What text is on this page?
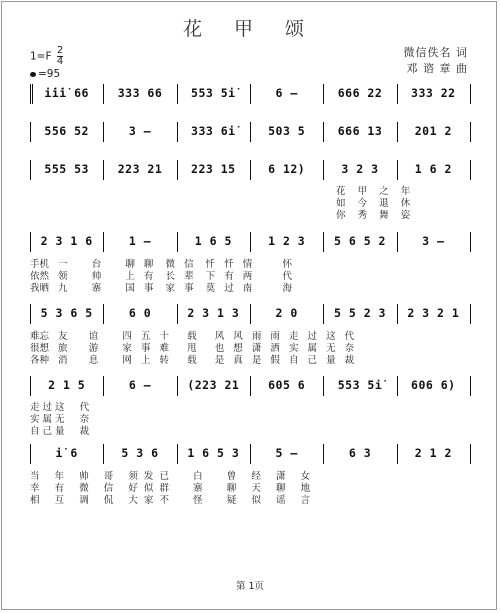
花 甲 颂
$1=F \frac{2}{4}$
=95
微信佚名 词
邓 谘 章 曲
i̇i̇i̇ 66	333 66	553 5i̇	6 –	666 22	333 22
556 52	3 –	333 6i̇	503 5	666 13	201 2
555 53	223 21	223 15	6 12)	3 2 3	1 6 2
2 3 1 6	1 –	1 6 5	1 2 3	5 6 5 2	3 –
5 3 6 5	6 0	2 3 1 3	2 0	5 5 2 3	2 3 2 1
2 1 5	6 –	(223 21	605 6	553 5i̇	606 6)
i̇ 6	5 3 6	1 6 5 3	5 –	6 3	2 1 2
花    甲    之    年
如    今    退    休
你    秀    舞    姿
手机   一        台        聊   聊    微   信    忏   忏   情          怀
依然   领        帅        上   有    长   辈    下   有   两          代
我晒   九        寨        国   事    家   事    莫   过   南          海
难忘   友       谊        四   五   十      载      风   风   雨   雨   走   过   这   代
很想   旅       游        家   事   难      甩      也   想   潇   洒   实   属   无   奈
各种   消       息        网   上   转      载      是   真   是   假   自   己   量   裁
走 过 这     代
实 属 无     奈
自 己 量     裁
当     年     帅     哥     须  发  已        白        曾     经     潇     女
幸     有     微     信     好  似  群        寨        聊     天     聊     地
相     互     调     侃     大  家  不        怪        疑     似     谣     言
第 1页
